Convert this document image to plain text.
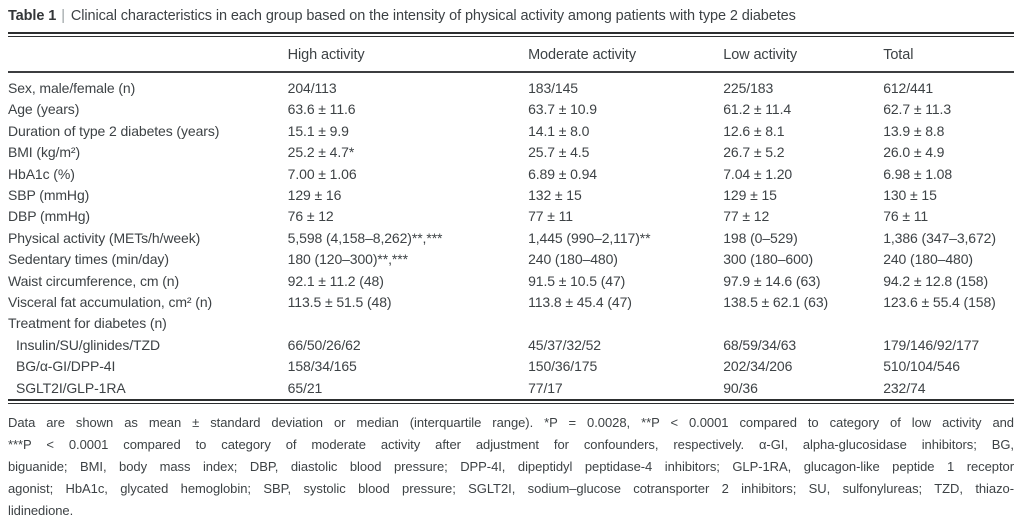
Table 1 | Clinical characteristics in each group based on the intensity of physical activity among patients with type 2 diabetes
	High activity	Moderate activity	Low activity	Total
Sex, male/female (n)	204/113	183/145	225/183	612/441
Age (years)	63.6 ± 11.6	63.7 ± 10.9	61.2 ± 11.4	62.7 ± 11.3
Duration of type 2 diabetes (years)	15.1 ± 9.9	14.1 ± 8.0	12.6 ± 8.1	13.9 ± 8.8
BMI (kg/m²)	25.2 ± 4.7*	25.7 ± 4.5	26.7 ± 5.2	26.0 ± 4.9
HbA1c (%)	7.00 ± 1.06	6.89 ± 0.94	7.04 ± 1.20	6.98 ± 1.08
SBP (mmHg)	129 ± 16	132 ± 15	129 ± 15	130 ± 15
DBP (mmHg)	76 ± 12	77 ± 11	77 ± 12	76 ± 11
Physical activity (METs/h/week)	5,598 (4,158–8,262)**,***	1,445 (990–2,117)**	198 (0–529)	1,386 (347–3,672)
Sedentary times (min/day)	180 (120–300)**,***	240 (180–480)	300 (180–600)	240 (180–480)
Waist circumference, cm (n)	92.1 ± 11.2 (48)	91.5 ± 10.5 (47)	97.9 ± 14.6 (63)	94.2 ± 12.8 (158)
Visceral fat accumulation, cm² (n)	113.5 ± 51.5 (48)	113.8 ± 45.4 (47)	138.5 ± 62.1 (63)	123.6 ± 55.4 (158)
Treatment for diabetes (n)				
Insulin/SU/glinides/TZD	66/50/26/62	45/37/32/52	68/59/34/63	179/146/92/177
BG/α-GI/DPP-4I	158/34/165	150/36/175	202/34/206	510/104/546
SGLT2I/GLP-1RA	65/21	77/17	90/36	232/74
Data are shown as mean ± standard deviation or median (interquartile range). *P = 0.0028, **P < 0.0001 compared to category of low activity and
***P < 0.0001 compared to category of moderate activity after adjustment for confounders, respectively. α-GI, alpha-glucosidase inhibitors; BG,
biguanide; BMI, body mass index; DBP, diastolic blood pressure; DPP-4I, dipeptidyl peptidase-4 inhibitors; GLP-1RA, glucagon-like peptide 1 receptor
agonist; HbA1c, glycated hemoglobin; SBP, systolic blood pressure; SGLT2I, sodium–glucose cotransporter 2 inhibitors; SU, sulfonylureas; TZD, thiazo-
lidinedione.
